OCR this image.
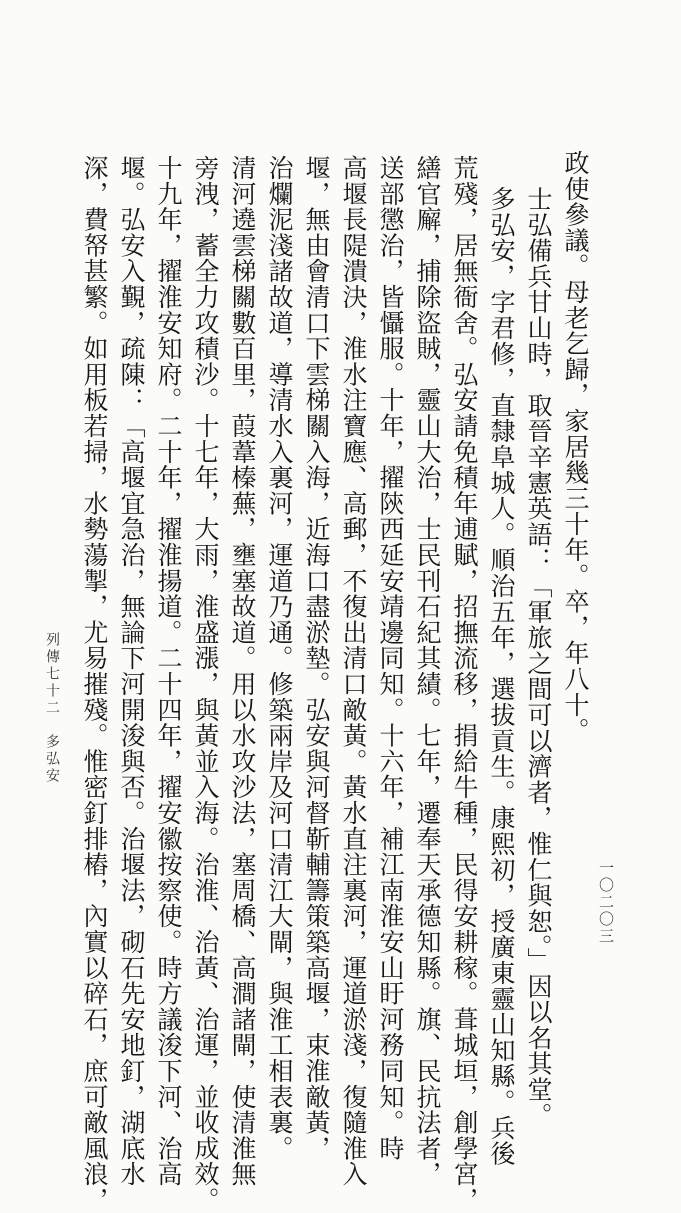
政使參議。母老乞歸，家居幾三十年。卒，年八十。
士弘備兵甘山時，取晉辛憲英語：「軍旅之間可以濟者，惟仁與恕。」因以名其堂。
多弘安，字君修，直隸阜城人。順治五年，選拔貢生。康熙初，授廣東靈山知縣。兵後
荒殘，居無衙舍。弘安請免積年逋賦，招撫流移，捐給牛種，民得安耕稼。葺城垣，創學宮，
繕官廨，捕除盜賊，靈山大治，士民刊石紀其績。七年，遷奉天承德知縣。旗、民抗法者，
送部懲治，皆懾服。十年，擢陝西延安靖邊同知。十六年，補江南淮安山盱河務同知。時
高堰長隄潰決，淮水注寶應、高郵，不復出清口敵黃。黃水直注裏河，運道淤淺，復隨淮入
堰，無由會清口下雲梯關入海，近海口盡淤墊。弘安與河督靳輔籌策築高堰，束淮敵黃，
治爛泥淺諸故道，導清水入裏河，運道乃通。修築兩岸及河口清江大閘，與淮工相表裏。
清河遶雲梯關數百里，葭葦榛蕪，壅塞故道。用以水攻沙法，塞周橋、高澗諸閘，使清淮無
旁洩，蓄全力攻積沙。十七年，大雨，淮盛漲，與黃並入海。治淮、治黃、治運，並收成效。
十九年，擢淮安知府。二十年，擢淮揚道。二十四年，擢安徽按察使。時方議浚下河、治高
堰。弘安入覲，疏陳：「高堰宜急治，無論下河開浚與否。治堰法，砌石先安地釘，湖底水
深，費帑甚繁。如用板若掃，水勢蕩掣，尤易摧殘。惟密釘排樁，內實以碎石，庶可敵風浪，
列傳七十二　多弘安
一〇二〇三
